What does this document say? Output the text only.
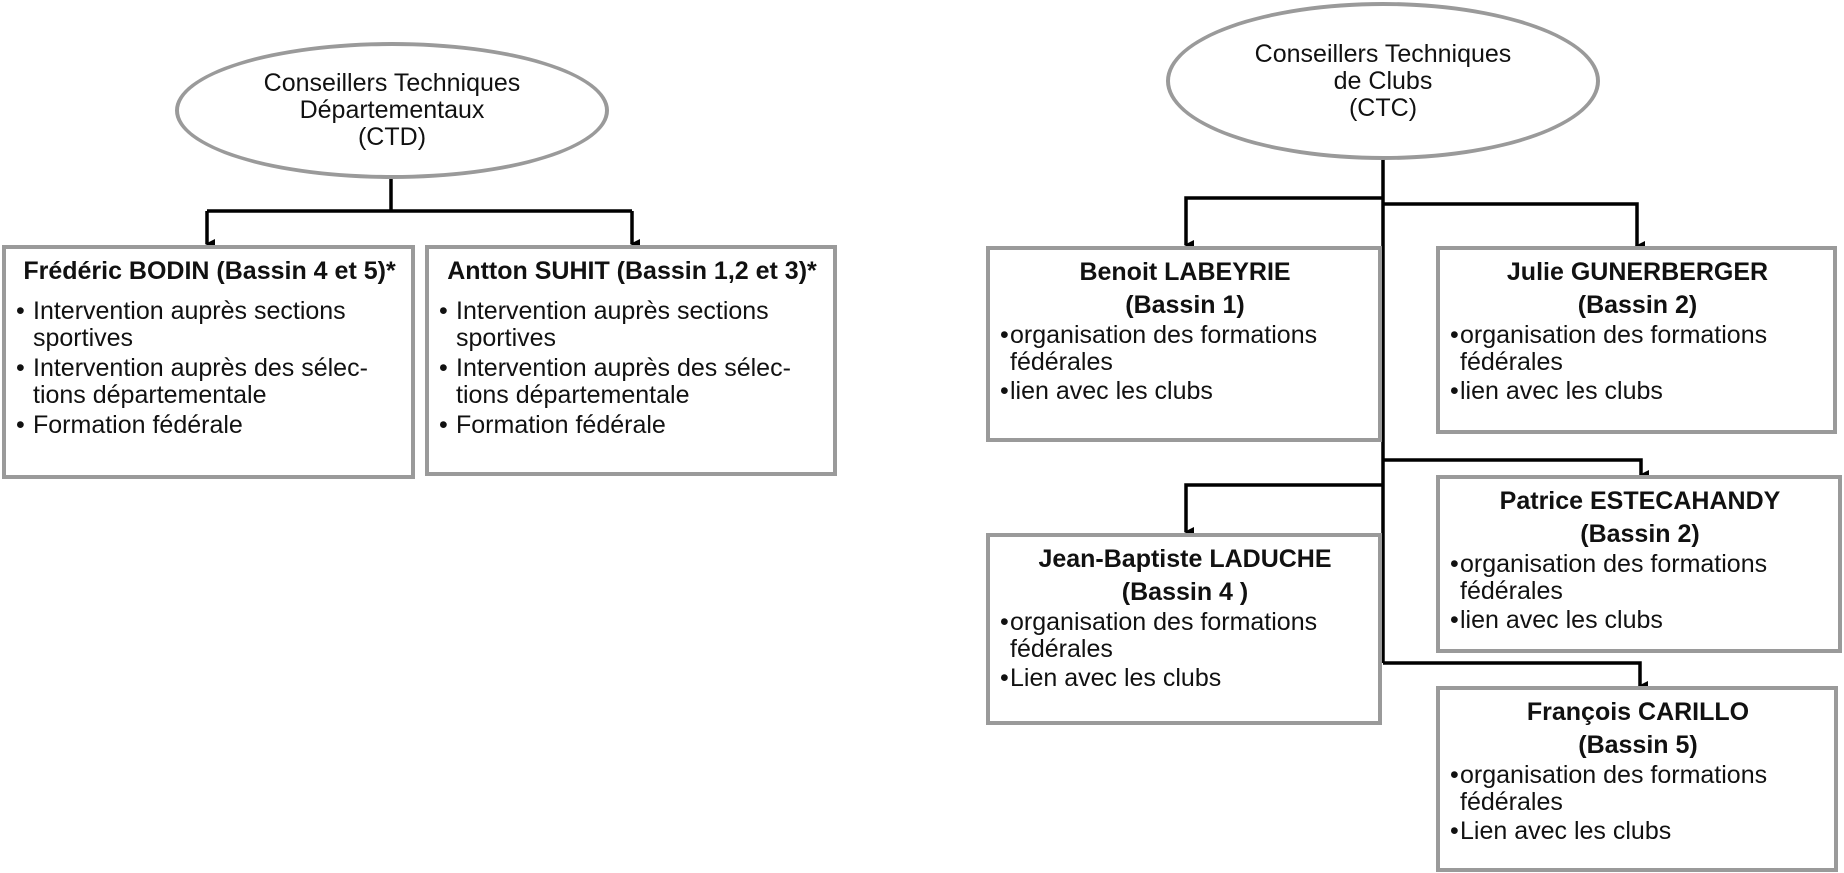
Conseillers Techniques
Départementaux
(CTD)
Conseillers Techniques
de Clubs
(CTC)
Frédéric BODIN (Bassin 4 et 5)*
• Intervention auprès sections sportives
• Intervention auprès des sélec-tions départementale
• Formation fédérale
Antton SUHIT (Bassin 1,2 et 3)*
• Intervention auprès sections sportives
• Intervention auprès des sélec-tions départementale
• Formation fédérale
Benoit LABEYRIE
(Bassin 1)
• organisation des formations fédérales
• lien avec les clubs
Julie GUNERBERGER
(Bassin 2)
• organisation des formations fédérales
• lien avec les clubs
Patrice ESTECAHANDY
(Bassin 2)
• organisation des formations fédérales
• lien avec les clubs
Jean-Baptiste LADUCHE
(Bassin 4 )
• organisation des formations fédérales
• Lien avec les clubs
François CARILLO
(Bassin 5)
• organisation des formations fédérales
• Lien avec les clubs
